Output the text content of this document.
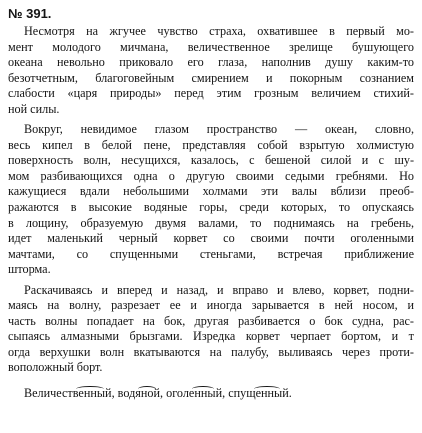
№ 391.
Несмотря на жгучее чувство страха, охватившее в первый мо-
мент молодого мичмана, величественное зрелище бушующего
океана невольно приковало его глаза, наполнив душу каким-то
безотчетным, благоговейным смирением и покорным сознанием
слабости «царя природы» перед этим грозным величием стихий-
ной силы.
Вокруг, невидимое глазом пространство — океан, словно,
весь кипел в белой пене, представляя собой взрытую холмистую
поверхность волн, несущихся, казалось, с бешеной силой и с шу-
мом разбивающихся одна о другую своими седыми гребнями. Но
кажущиеся вдали небольшими холмами эти валы вблизи преоб-
ражаются в высокие водяные горы, среди которых, то опускаясь
в лощину, образуемую двумя валами, то поднимаясь на гребень,
идет маленький черный корвет со своими почти оголенными
мачтами, со спущенными стеньгами, встречая приближение
шторма.
Раскачиваясь и вперед и назад, и вправо и влево, корвет, подни-
маясь на волну, разрезает ее и иногда зарывается в ней носом, и
часть волны попадает на бок, другая разбивается о бок судна, рас-
сыпаясь алмазными брызгами. Изредка корвет черпает бортом, и т
огда верхушки волн вкатываются на палубу, выливаясь через проти-
воположный борт.
Величественный
, водяной
, оголенный
, спущенный
.
